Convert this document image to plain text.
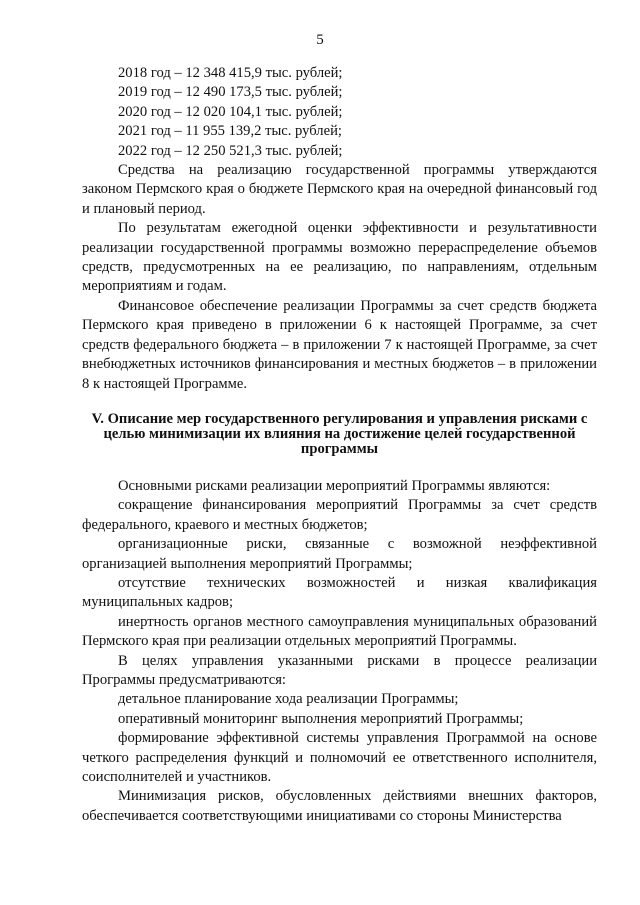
5
2018 год – 12 348 415,9 тыс. рублей;
2019 год – 12 490 173,5 тыс. рублей;
2020 год – 12 020 104,1 тыс. рублей;
2021 год – 11 955 139,2 тыс. рублей;
2022 год – 12 250 521,3 тыс. рублей;

Средства на реализацию государственной программы утверждаются законом Пермского края о бюджете Пермского края на очередной финансовый год и плановый период.

По результатам ежегодной оценки эффективности и результативности реализации государственной программы возможно перераспределение объемов средств, предусмотренных на ее реализацию, по направлениям, отдельным мероприятиям и годам.

Финансовое обеспечение реализации Программы за счет средств бюджета Пермского края приведено в приложении 6 к настоящей Программе, за счет средств федерального бюджета – в приложении 7 к настоящей Программе, за счет внебюджетных источников финансирования и местных бюджетов – в приложении 8 к настоящей Программе.

V. Описание мер государственного регулирования и управления рисками с целью минимизации их влияния на достижение целей государственной программы

Основными рисками реализации мероприятий Программы являются:

сокращение финансирования мероприятий Программы за счет средств федерального, краевого и местных бюджетов;

организационные риски, связанные с возможной неэффективной организацией выполнения мероприятий Программы;

отсутствие технических возможностей и низкая квалификация муниципальных кадров;

инертность органов местного самоуправления муниципальных образований Пермского края при реализации отдельных мероприятий Программы.

В целях управления указанными рисками в процессе реализации Программы предусматриваются:

детальное планирование хода реализации Программы;

оперативный мониторинг выполнения мероприятий Программы;

формирование эффективной системы управления Программой на основе четкого распределения функций и полномочий ее ответственного исполнителя, соисполнителей и участников.

Минимизация рисков, обусловленных действиями внешних факторов, обеспечивается соответствующими инициативами со стороны Министерства
